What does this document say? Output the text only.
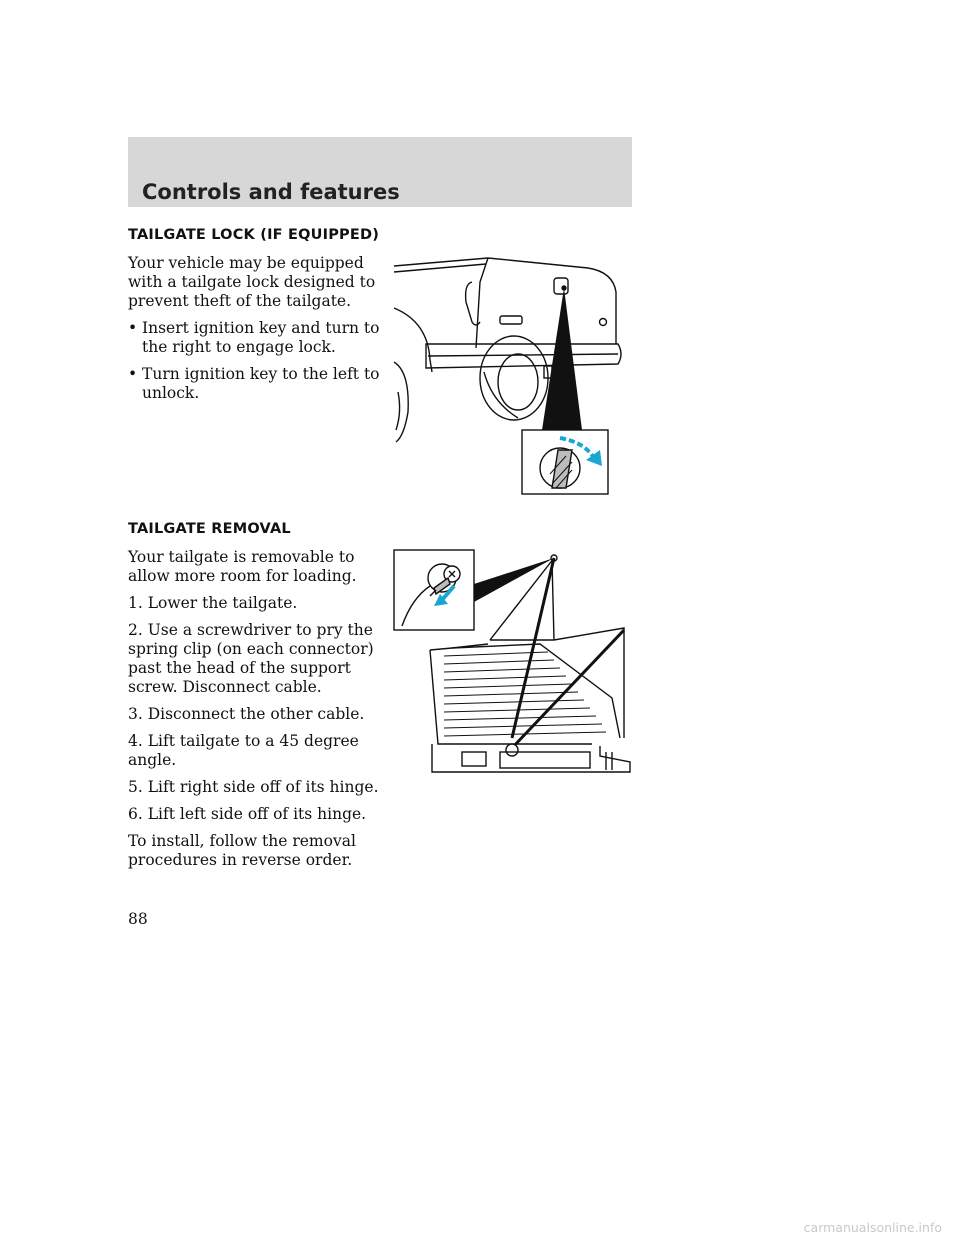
Controls and features
TAILGATE LOCK (IF EQUIPPED)

Your vehicle may be equipped with a tailgate lock designed to prevent theft of the tailgate.

• Insert ignition key and turn to the right to engage lock.
• Turn ignition key to the left to unlock.
TAILGATE REMOVAL

Your tailgate is removable to allow more room for loading.

1. Lower the tailgate.

2. Use a screwdriver to pry the spring clip (on each connector) past the head of the support screw. Disconnect cable.

3. Disconnect the other cable.

4. Lift tailgate to a 45 degree angle.

5. Lift right side off of its hinge.

6. Lift left side off of its hinge.

To install, follow the removal procedures in reverse order.

88
carmanualsonline.info
